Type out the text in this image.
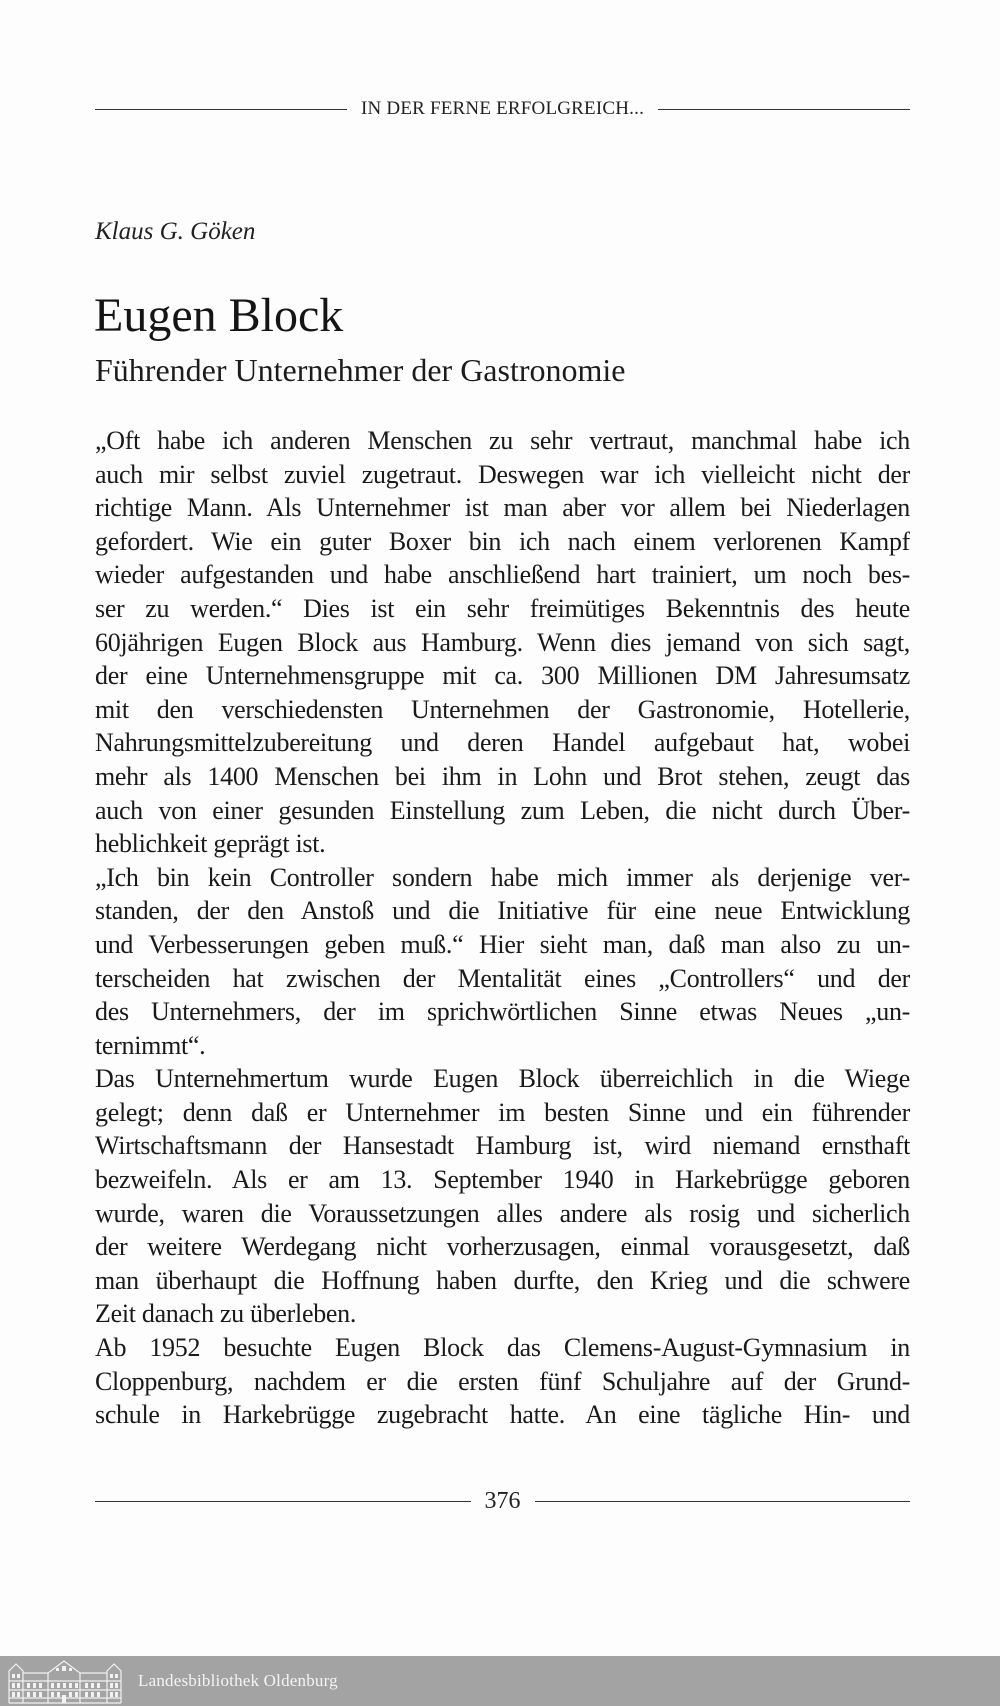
IN DER FERNE ERFOLGREICH...
Klaus G. Göken
Eugen Block
Führender Unternehmer der Gastronomie
„Oft habe ich anderen Menschen zu sehr vertraut, manchmal habe ich
auch mir selbst zuviel zugetraut. Deswegen war ich vielleicht nicht der
richtige Mann. Als Unternehmer ist man aber vor allem bei Niederlagen
gefordert. Wie ein guter Boxer bin ich nach einem verlorenen Kampf
wieder aufgestanden und habe anschließend hart trainiert, um noch bes-
ser zu werden.“ Dies ist ein sehr freimütiges Bekenntnis des heute
60jährigen Eugen Block aus Hamburg. Wenn dies jemand von sich sagt,
der eine Unternehmensgruppe mit ca. 300 Millionen DM Jahresumsatz
mit den verschiedensten Unternehmen der Gastronomie, Hotellerie,
Nahrungsmittelzubereitung und deren Handel aufgebaut hat, wobei
mehr als 1400 Menschen bei ihm in Lohn und Brot stehen, zeugt das
auch von einer gesunden Einstellung zum Leben, die nicht durch Über-
heblichkeit geprägt ist.
„Ich bin kein Controller sondern habe mich immer als derjenige ver-
standen, der den Anstoß und die Initiative für eine neue Entwicklung
und Verbesserungen geben muß.“ Hier sieht man, daß man also zu un-
terscheiden hat zwischen der Mentalität eines „Controllers“ und der
des Unternehmers, der im sprichwörtlichen Sinne etwas Neues „un-
ternimmt“.
Das Unternehmertum wurde Eugen Block überreichlich in die Wiege
gelegt; denn daß er Unternehmer im besten Sinne und ein führender
Wirtschaftsmann der Hansestadt Hamburg ist, wird niemand ernsthaft
bezweifeln. Als er am 13. September 1940 in Harkebrügge geboren
wurde, waren die Voraussetzungen alles andere als rosig und sicherlich
der weitere Werdegang nicht vorherzusagen, einmal vorausgesetzt, daß
man überhaupt die Hoffnung haben durfte, den Krieg und die schwere
Zeit danach zu überleben.
Ab 1952 besuchte Eugen Block das Clemens-August-Gymnasium in
Cloppenburg, nachdem er die ersten fünf Schuljahre auf der Grund-
schule in Harkebrügge zugebracht hatte. An eine tägliche Hin- und
376
Landesbibliothek Oldenburg
